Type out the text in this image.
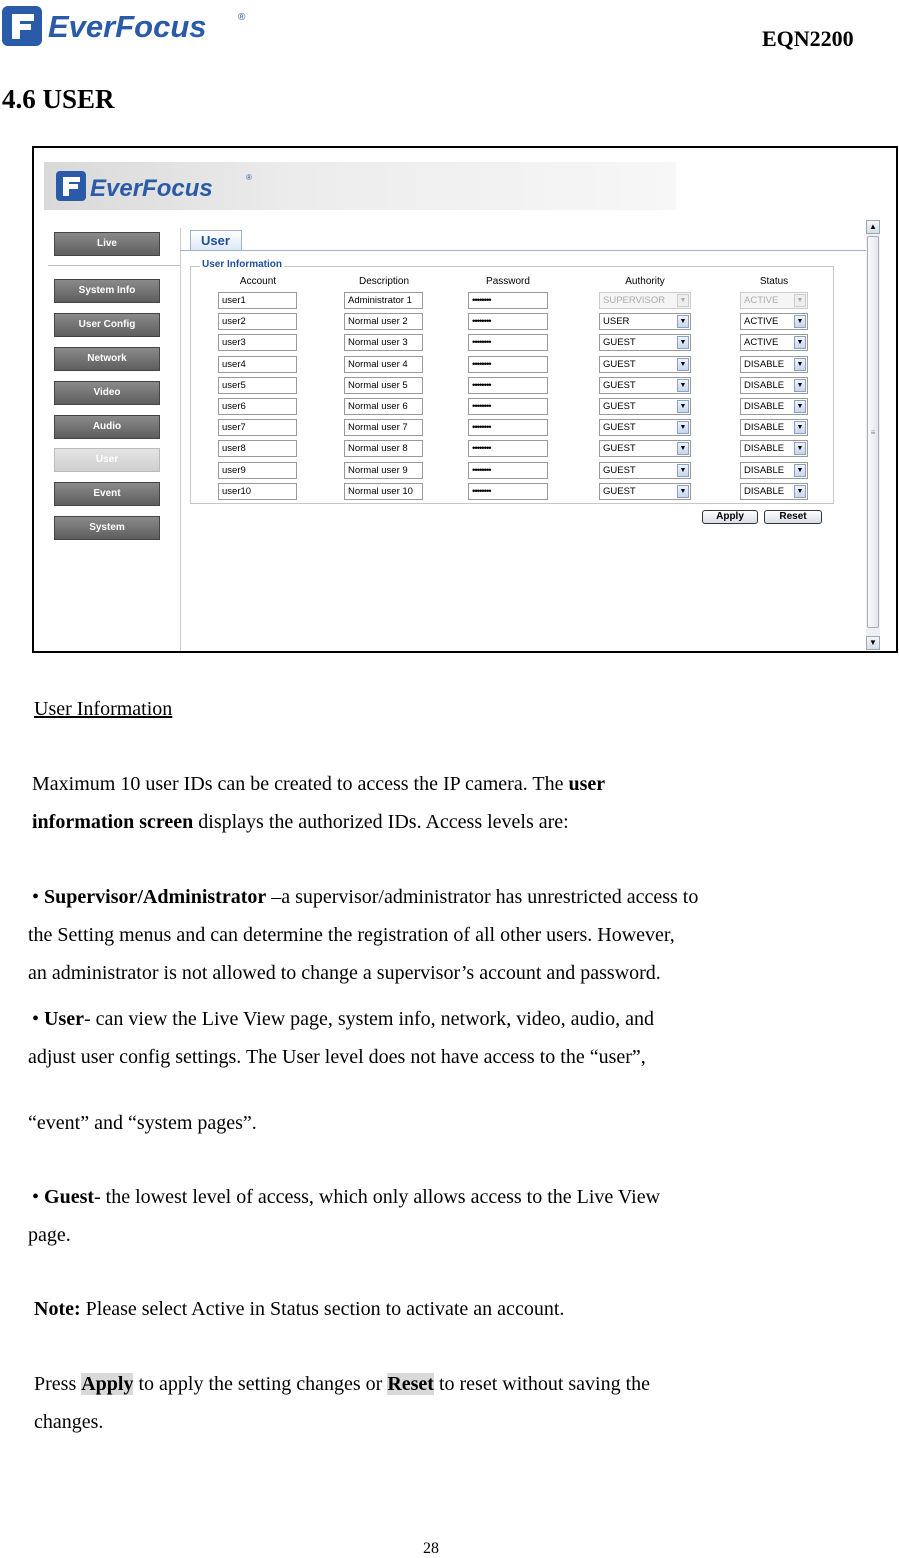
EverFocus	®
EQN2200
4.6 USER
EverFocus	®
Live
System Info
User Config
Network
Video
Audio
User
Event
System
User
User Information
Account	Description	Password	Authority	Status
user1	Administrator 1	••••••••	SUPERVISOR	▼	ACTIVE	▼
user2	Normal user 2	••••••••	USER	▼	ACTIVE	▼
user3	Normal user 3	••••••••	GUEST	▼	ACTIVE	▼
user4	Normal user 4	••••••••	GUEST	▼	DISABLE	▼
user5	Normal user 5	••••••••	GUEST	▼	DISABLE	▼
user6	Normal user 6	••••••••	GUEST	▼	DISABLE	▼
user7	Normal user 7	••••••••	GUEST	▼	DISABLE	▼
user8	Normal user 8	••••••••	GUEST	▼	DISABLE	▼
user9	Normal user 9	••••••••	GUEST	▼	DISABLE	▼
user10	Normal user 10	••••••••	GUEST	▼	DISABLE	▼
Apply	Reset
▲
≡
▼

User Information

Maximum 10 user IDs can be created to access the IP camera. The user

information screen displays the authorized IDs. Access levels are:

• Supervisor/Administrator –a supervisor/administrator has unrestricted access to

the Setting menus and can determine the registration of all other users. However,

an administrator is not allowed to change a supervisor’s account and password.

• User- can view the Live View page, system info, network, video, audio, and

adjust user config settings. The User level does not have access to the “user”,

“event” and “system pages”.

• Guest- the lowest level of access, which only allows access to the Live View

page.

Note: Please select Active in Status section to activate an account.

Press Apply to apply the setting changes or Reset to reset without saving the

changes.

28
